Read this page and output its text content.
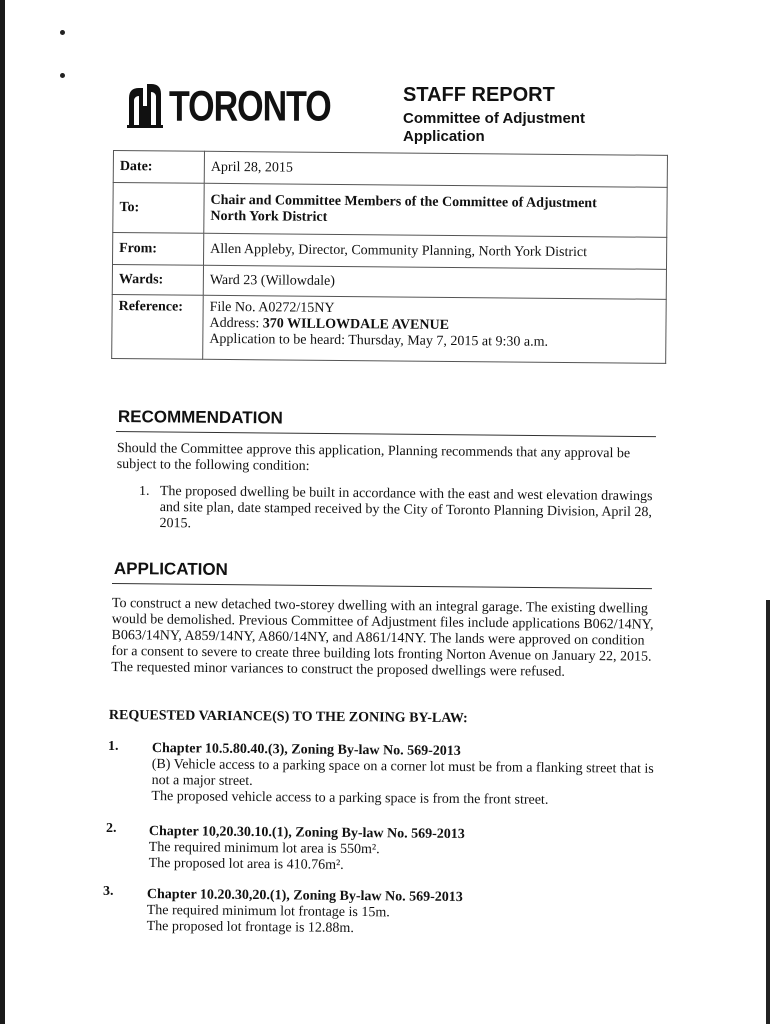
TORONTO	STAFF REPORT
Committee of Adjustment
Application
Date:	April 28, 2015
To:	Chair and Committee Members of the Committee of Adjustment
North York District
From:	Allen Appleby, Director, Community Planning, North York District
Wards:	Ward 23 (Willowdale)
Reference:	File No. A0272/15NY
Address: 370 WILLOWDALE AVENUE
Application to be heard: Thursday, May 7, 2015 at 9:30 a.m.
RECOMMENDATION
Should the Committee approve this application, Planning recommends that any approval be
subject to the following condition:
1. The proposed dwelling be built in accordance with the east and west elevation drawings
and site plan, date stamped received by the City of Toronto Planning Division, April 28,
2015.
APPLICATION
To construct a new detached two-storey dwelling with an integral garage. The existing dwelling
would be demolished. Previous Committee of Adjustment files include applications B062/14NY,
B063/14NY, A859/14NY, A860/14NY, and A861/14NY. The lands were approved on condition
for a consent to severe to create three building lots fronting Norton Avenue on January 22, 2015.
The requested minor variances to construct the proposed dwellings were refused.
REQUESTED VARIANCE(S) TO THE ZONING BY-LAW:
1. Chapter 10.5.80.40.(3), Zoning By-law No. 569-2013
(B) Vehicle access to a parking space on a corner lot must be from a flanking street that is
not a major street.
The proposed vehicle access to a parking space is from the front street.
2. Chapter 10,20.30.10.(1), Zoning By-law No. 569-2013
The required minimum lot area is 550m².
The proposed lot area is 410.76m².
3. Chapter 10.20.30,20.(1), Zoning By-law No. 569-2013
The required minimum lot frontage is 15m.
The proposed lot frontage is 12.88m.
